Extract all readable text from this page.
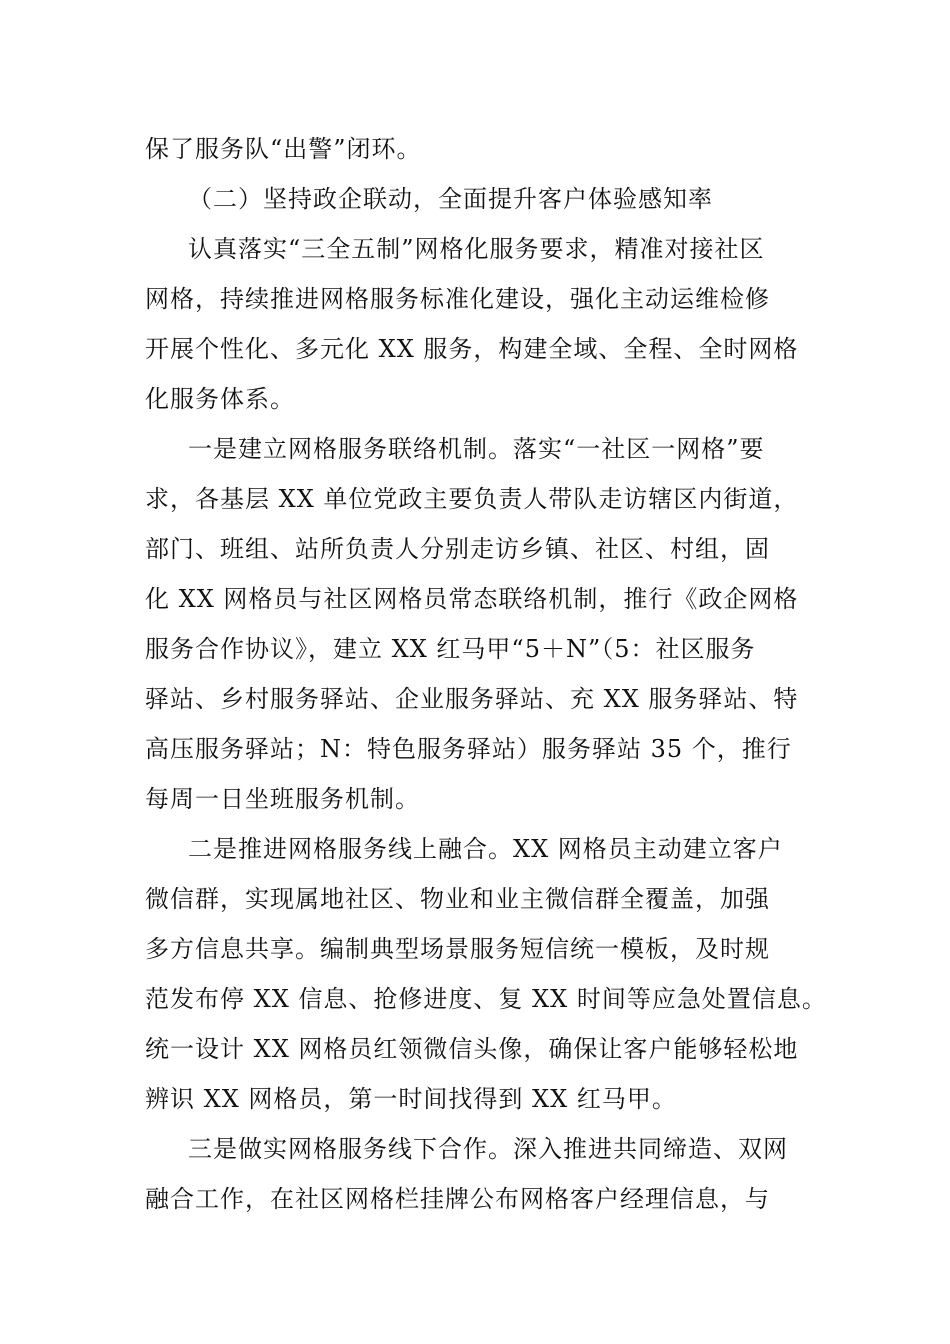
保了服务队“出警”闭环。
（二）坚持政企联动，全面提升客户体验感知率
认真落实“三全五制”网格化服务要求，精准对接社区
网格，持续推进网格服务标准化建设，强化主动运维检修
开展个性化、多元化 XX 服务，构建全域、全程、全时网格
化服务体系。
一是建立网格服务联络机制。落实“一社区一网格”要
求，各基层 XX 单位党政主要负责人带队走访辖区内街道，
部门、班组、站所负责人分别走访乡镇、社区、村组，固
化 XX 网格员与社区网格员常态联络机制，推行《政企网格
服务合作协议》，建立 XX 红马甲“5＋N”（5：社区服务
驿站、乡村服务驿站、企业服务驿站、充 XX 服务驿站、特
高压服务驿站；N：特色服务驿站）服务驿站 35 个，推行
每周一日坐班服务机制。
二是推进网格服务线上融合。XX 网格员主动建立客户
微信群，实现属地社区、物业和业主微信群全覆盖，加强
多方信息共享。编制典型场景服务短信统一模板，及时规
范发布停 XX 信息、抢修进度、复 XX 时间等应急处置信息。
统一设计 XX 网格员红领微信头像，确保让客户能够轻松地
辨识 XX 网格员，第一时间找得到 XX 红马甲。
三是做实网格服务线下合作。深入推进共同缔造、双网
融合工作，在社区网格栏挂牌公布网格客户经理信息，与
